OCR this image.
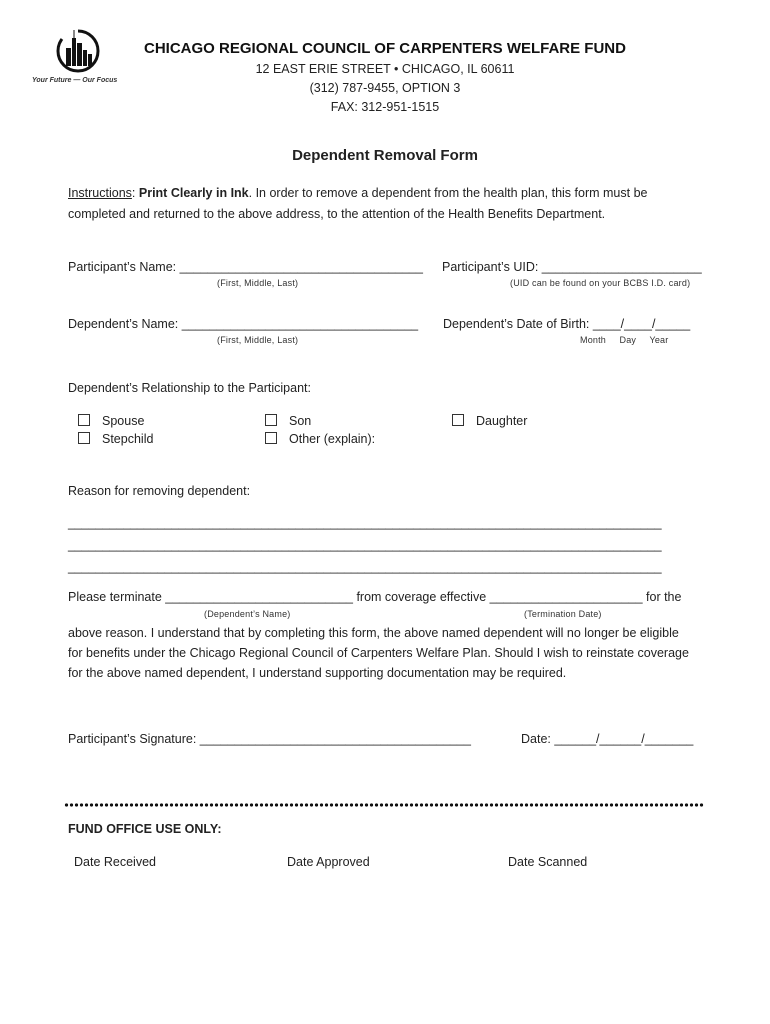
Your Future — Our Focus
CHICAGO REGIONAL COUNCIL OF CARPENTERS WELFARE FUND
12 EAST ERIE STREET • CHICAGO, IL 60611
(312) 787-9455, OPTION 3
FAX: 312-951-1515
Dependent Removal Form
Instructions: Print Clearly in Ink. In order to remove a dependent from the health plan, this form must be
completed and returned to the above address, to the attention of the Health Benefits Department.
Participant’s Name: ___________________________________
(First, Middle, Last)
Participant’s UID: _______________________
(UID can be found on your BCBS I.D. card)
Dependent’s Name: __________________________________
(First, Middle, Last)
Dependent’s Date of Birth: ____/____/_____
Month     Day     Year
Dependent’s Relationship to the Participant:
Spouse	Son	Daughter
Stepchild	Other (explain):
Reason for removing dependent:
______________________________________________________________________________________
______________________________________________________________________________________
______________________________________________________________________________________
Please terminate ___________________________ from coverage effective ______________________ for the
(Dependent’s Name)	(Termination Date)
above reason. I understand that by completing this form, the above named dependent will no longer be eligible
for benefits under the Chicago Regional Council of Carpenters Welfare Plan. Should I wish to reinstate coverage
for the above named dependent, I understand supporting documentation may be required.
Participant’s Signature: _______________________________________	Date: ______/______/_______
FUND OFFICE USE ONLY:
Date Received	Date Approved	Date Scanned
